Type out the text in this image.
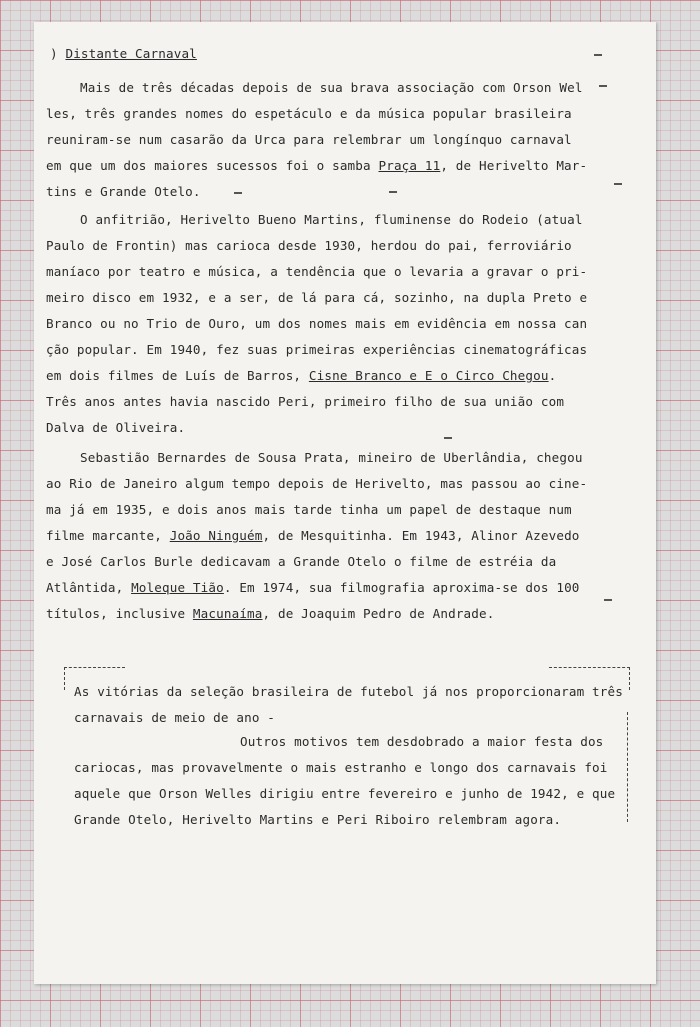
) Distante Carnaval
Mais de três décadas depois de sua brava associação com Orson Wel
les, três grandes nomes do espetáculo e da música popular brasileira
reuniram-se num casarão da Urca para relembrar um longínquo carnaval
em que um dos maiores sucessos foi o samba Praça 11, de Herivelto Mar-
tins e Grande Otelo.
O anfitrião, Herivelto Bueno Martins, fluminense do Rodeio (atual
Paulo de Frontin) mas carioca desde 1930, herdou do pai, ferroviário
maníaco por teatro e música, a tendência que o levaria a gravar o pri-
meiro disco em 1932, e a ser, de lá para cá, sozinho, na dupla Preto e
Branco ou no Trio de Ouro, um dos nomes mais em evidência em nossa can
ção popular. Em 1940, fez suas primeiras experiências cinematográficas
em dois filmes de Luís de Barros, Cisne Branco e E o Circo Chegou.
Três anos antes havia nascido Peri, primeiro filho de sua união com
Dalva de Oliveira.
Sebastião Bernardes de Sousa Prata, mineiro de Uberlândia, chegou
ao Rio de Janeiro algum tempo depois de Herivelto, mas passou ao cine-
ma já em 1935, e dois anos mais tarde tinha um papel de destaque num
filme marcante, João Ninguém, de Mesquitinha. Em 1943, Alinor Azevedo
e José Carlos Burle dedicavam a Grande Otelo o filme de estréia da
Atlântida, Moleque Tião. Em 1974, sua filmografia aproxima-se dos 100
títulos, inclusive Macunaíma, de Joaquim Pedro de Andrade.
As vitórias da seleção brasileira de futebol já nos proporcionaram três
carnavais de meio de ano -
Outros motivos tem desdobrado a maior festa dos
cariocas, mas provavelmente o mais estranho e longo dos carnavais foi
aquele que Orson Welles dirigiu entre fevereiro e junho de 1942, e que
Grande Otelo, Herivelto Martins e Peri Riboiro relembram agora.
